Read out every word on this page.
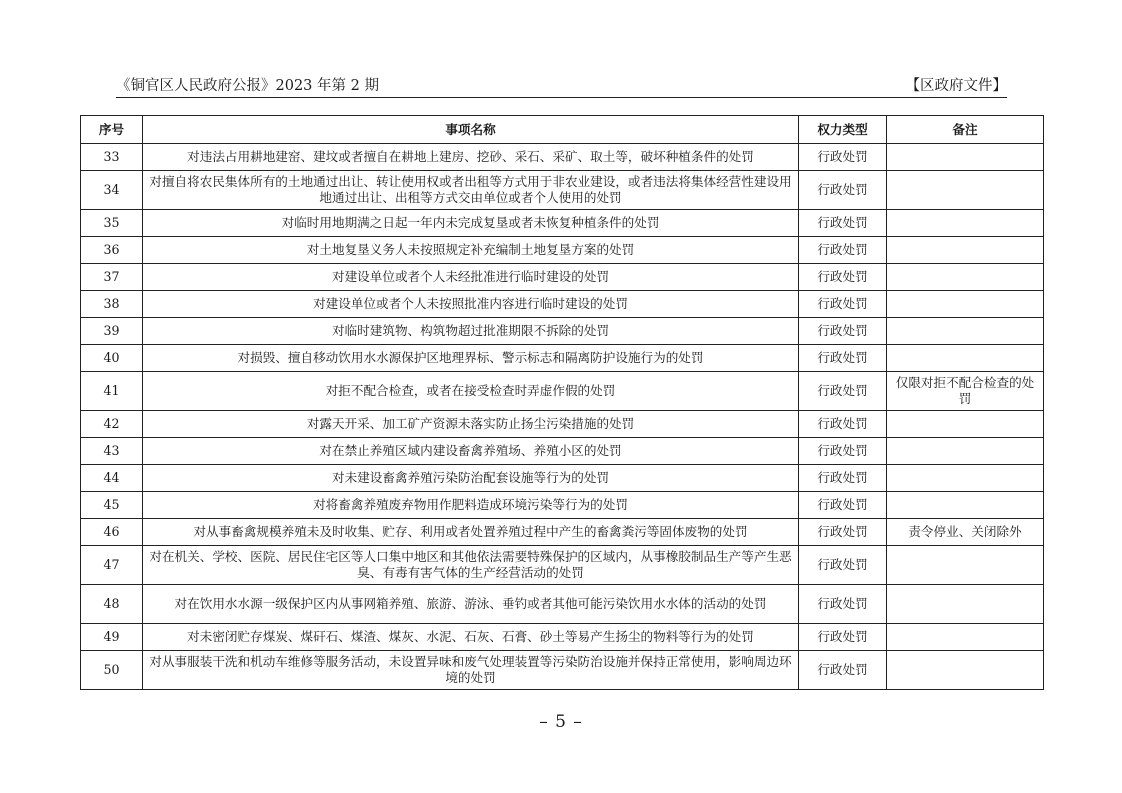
《铜官区人民政府公报》2023 年第 2 期	【区政府文件】
序号	事项名称	权力类型	备注
33	对违法占用耕地建窑、建坟或者擅自在耕地上建房、挖砂、采石、采矿、取土等，破坏种植条件的处罚	行政处罚	
34	对擅自将农民集体所有的土地通过出让、转让使用权或者出租等方式用于非农业建设，或者违法将集体经营性建设用地通过出让、出租等方式交由单位或者个人使用的处罚	行政处罚	
35	对临时用地期满之日起一年内未完成复垦或者未恢复种植条件的处罚	行政处罚	
36	对土地复垦义务人未按照规定补充编制土地复垦方案的处罚	行政处罚	
37	对建设单位或者个人未经批准进行临时建设的处罚	行政处罚	
38	对建设单位或者个人未按照批准内容进行临时建设的处罚	行政处罚	
39	对临时建筑物、构筑物超过批准期限不拆除的处罚	行政处罚	
40	对损毁、擅自移动饮用水水源保护区地理界标、警示标志和隔离防护设施行为的处罚	行政处罚	
41	对拒不配合检查，或者在接受检查时弄虚作假的处罚	行政处罚	仅限对拒不配合检查的处罚
42	对露天开采、加工矿产资源未落实防止扬尘污染措施的处罚	行政处罚	
43	对在禁止养殖区域内建设畜禽养殖场、养殖小区的处罚	行政处罚	
44	对未建设畜禽养殖污染防治配套设施等行为的处罚	行政处罚	
45	对将畜禽养殖废弃物用作肥料造成环境污染等行为的处罚	行政处罚	
46	对从事畜禽规模养殖未及时收集、贮存、利用或者处置养殖过程中产生的畜禽粪污等固体废物的处罚	行政处罚	责令停业、关闭除外
47	对在机关、学校、医院、居民住宅区等人口集中地区和其他依法需要特殊保护的区域内，从事橡胶制品生产等产生恶臭、有毒有害气体的生产经营活动的处罚	行政处罚	
48	对在饮用水水源一级保护区内从事网箱养殖、旅游、游泳、垂钓或者其他可能污染饮用水水体的活动的处罚	行政处罚	
49	对未密闭贮存煤炭、煤矸石、煤渣、煤灰、水泥、石灰、石膏、砂土等易产生扬尘的物料等行为的处罚	行政处罚	
50	对从事服装干洗和机动车维修等服务活动，未设置异味和废气处理装置等污染防治设施并保持正常使用，影响周边环境的处罚	行政处罚	
– 5 –
